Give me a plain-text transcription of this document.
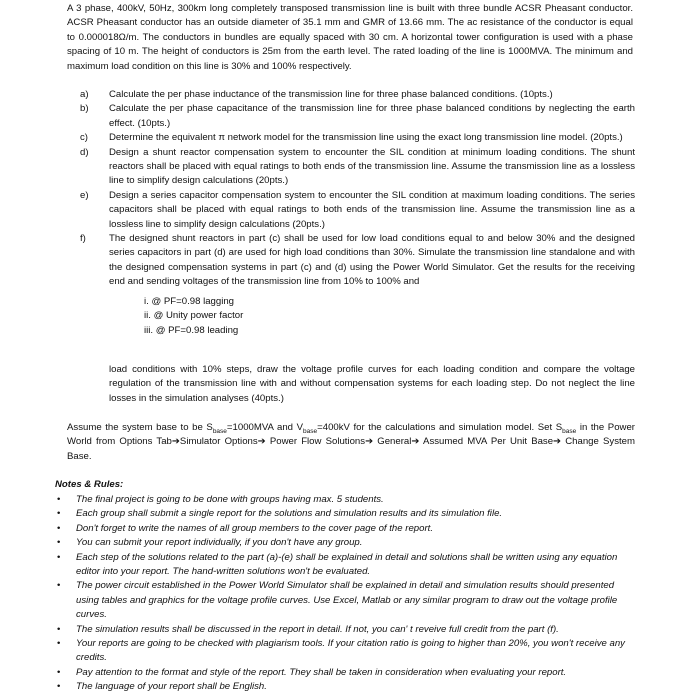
A 3 phase, 400kV, 50Hz, 300km long completely transposed transmission line is built with three bundle ACSR Pheasant conductor. ACSR Pheasant conductor has an outside diameter of 35.1 mm and GMR of 13.66 mm. The ac resistance of the conductor is equal to 0.000018Ω/m. The conductors in bundles are equally spaced with 30 cm. A horizontal tower configuration is used with a phase spacing of 10 m. The height of conductors is 25m from the earth level. The rated loading of the line is 1000MVA. The minimum and maximum load condition on this line is 30% and 100% respectively.

a) Calculate the per phase inductance of the transmission line for three phase balanced conditions. (10pts.)
b) Calculate the per phase capacitance of the transmission line for three phase balanced conditions by neglecting the earth effect. (10pts.)
c) Determine the equivalent π network model for the transmission line using the exact long transmission line model. (20pts.)
d) Design a shunt reactor compensation system to encounter the SIL condition at minimum loading conditions. The shunt reactors shall be placed with equal ratings to both ends of the transmission line. Assume the transmission line as a lossless line to simplify design calculations (20pts.)
e) Design a series capacitor compensation system to encounter the SIL condition at maximum loading conditions. The series capacitors shall be placed with equal ratings to both ends of the transmission line. Assume the transmission line as a lossless line to simplify design calculations (20pts.)
f) The designed shunt reactors in part (c) shall be used for low load conditions equal to and below 30% and the designed series capacitors in part (d) are used for high load conditions than 30%. Simulate the transmission line standalone and with the designed compensation systems in part (c) and (d) using the Power World Simulator. Get the results for the receiving end and sending voltages of the transmission line from 10% to 100% and
i. @ PF=0.98 lagging
ii. @ Unity power factor
iii. @ PF=0.98 leading

load conditions with 10% steps, draw the voltage profile curves for each loading condition and compare the voltage regulation of the transmission line with and without compensation systems for each loading step. Do not neglect the line losses in the simulation analyses (40pts.)

Assume the system base to be $S_{base}=1000MVA$ and $V_{base}=400kV$ for the calculations and simulation model. Set $S_{base}$ in the Power World from Options Tab➔Simulator Options➔ Power Flow Solutions➔ General➔ Assumed MVA Per Unit Base➔ Change System Base.

Notes & Rules:

• The final project is going to be done with groups having max. 5 students.
• Each group shall submit a single report for the solutions and simulation results and its simulation file.
• Don't forget to write the names of all group members to the cover page of the report.
• You can submit your report individually, if you don't have any group.
• Each step of the solutions related to the part (a)-(e) shall be explained in detail and solutions shall be written using any equation editor into your report. The hand-written solutions won't be evaluated.
• The power circuit established in the Power World Simulator shall be explained in detail and simulation results should presented using tables and graphics for the voltage profile curves. Use Excel, Matlab or any similar program to draw out the voltage profile curves.
• The simulation results shall be discussed in the report in detail. If not, you can' t reveive full credit from the part (f).
• Your reports are going to be checked with plagiarism tools. If your citation ratio is going to higher than 20%, you won't receive any credits.
• Pay attention to the format and style of the report. They shall be taken in consideration when evaluating your report.
• The language of your report shall be English.
